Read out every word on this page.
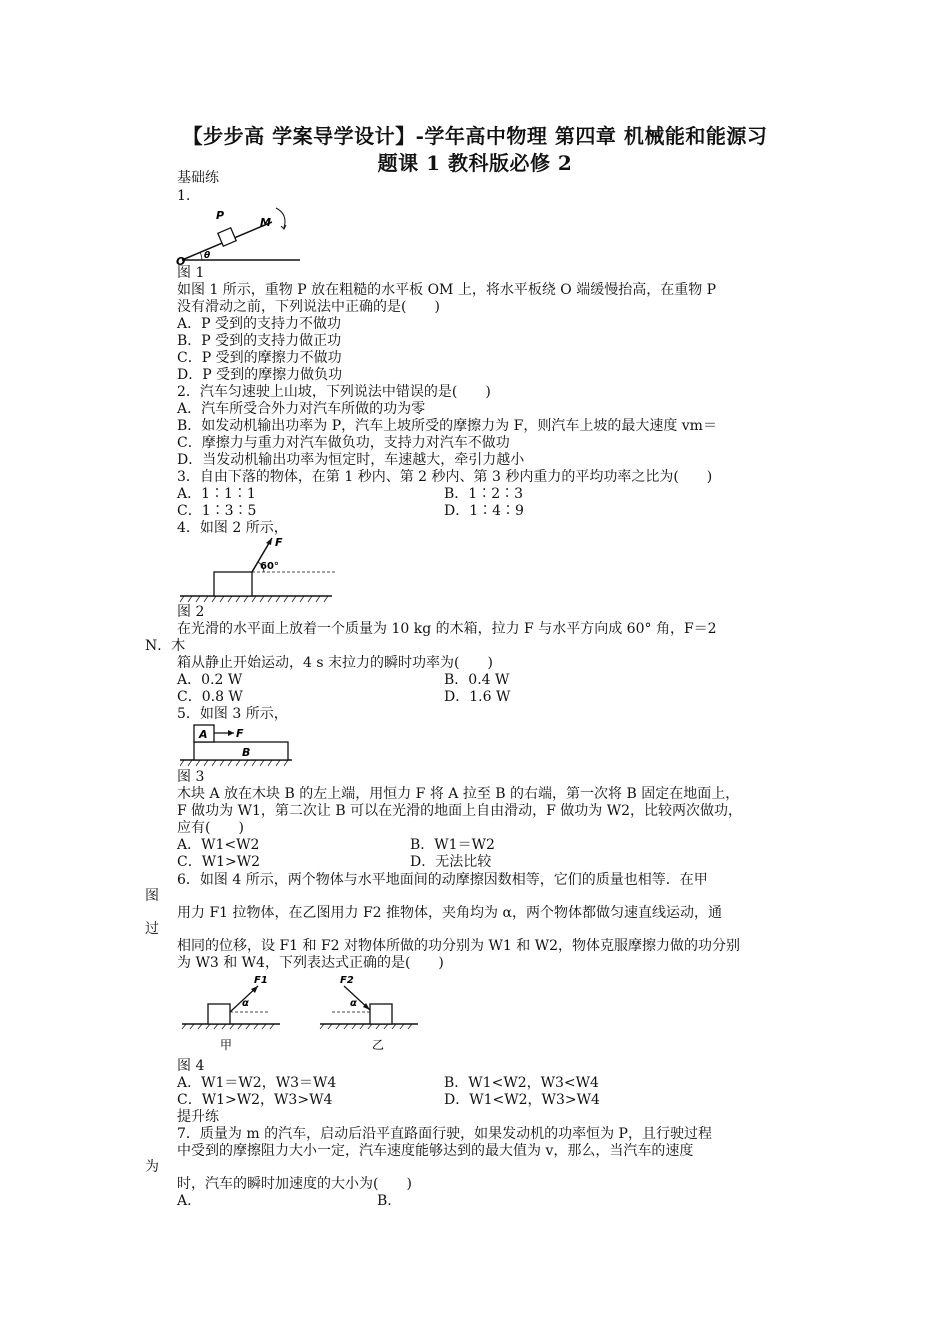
【步步高 学案导学设计】-学年高中物理 第四章 机械能和能源习
题课 1 教科版必修 2
基础练
1.
P
M
O θ
图 1
如图 1 所示，重物 P 放在粗糙的水平板 OM 上，将水平板绕 O 端缓慢抬高，在重物 P
没有滑动之前，下列说法中正确的是(　　)
A．P 受到的支持力不做功
B．P 受到的支持力做正功
C．P 受到的摩擦力不做功
D．P 受到的摩擦力做负功
2．汽车匀速驶上山坡，下列说法中错误的是(　　)
A．汽车所受合外力对汽车所做的功为零
B．如发动机输出功率为 P，汽车上坡所受的摩擦力为 F，则汽车上坡的最大速度 vm＝
C．摩擦力与重力对汽车做负功，支持力对汽车不做功
D．当发动机输出功率为恒定时，车速越大，牵引力越小
3．自由下落的物体，在第 1 秒内、第 2 秒内、第 3 秒内重力的平均功率之比为(　　)
A．1∶1∶1	B．1∶2∶3
C．1∶3∶5	D．1∶4∶9
4．如图 2 所示，
F
60°
图 2
在光滑的水平面上放着一个质量为 10 kg 的木箱，拉力 F 与水平方向成 60° 角，F＝2
N．木
箱从静止开始运动，4 s 末拉力的瞬时功率为(　　)
A．0.2 W	B．0.4 W
C．0.8 W	D．1.6 W
5．如图 3 所示，
A
B
F
图 3
木块 A 放在木块 B 的左上端，用恒力 F 将 A 拉至 B 的右端，第一次将 B 固定在地面上，
F 做功为 W1，第二次让 B 可以在光滑的地面上自由滑动，F 做功为 W2，比较两次做功，
应有(　　)
A．W1<W2	B．W1＝W2
C．W1>W2	D．无法比较
6．如图 4 所示，两个物体与水平地面间的动摩擦因数相等，它们的质量也相等．在甲
图
用力 F1 拉物体，在乙图用力 F2 推物体，夹角均为 α，两个物体都做匀速直线运动，通
过
相同的位移，设 F1 和 F2 对物体所做的功分别为 W1 和 W2，物体克服摩擦力做的功分别
为 W3 和 W4，下列表达式正确的是(　　)
F1
α
甲
F2
α
乙
图 4
A．W1＝W2，W3＝W4	B．W1<W2，W3<W4
C．W1>W2，W3>W4	D．W1<W2，W3>W4
提升练
7．质量为 m 的汽车，启动后沿平直路面行驶，如果发动机的功率恒为 P，且行驶过程
中受到的摩擦阻力大小一定，汽车速度能够达到的最大值为 v，那么，当汽车的速度
为
时，汽车的瞬时加速度的大小为(　　)
A.	B.
